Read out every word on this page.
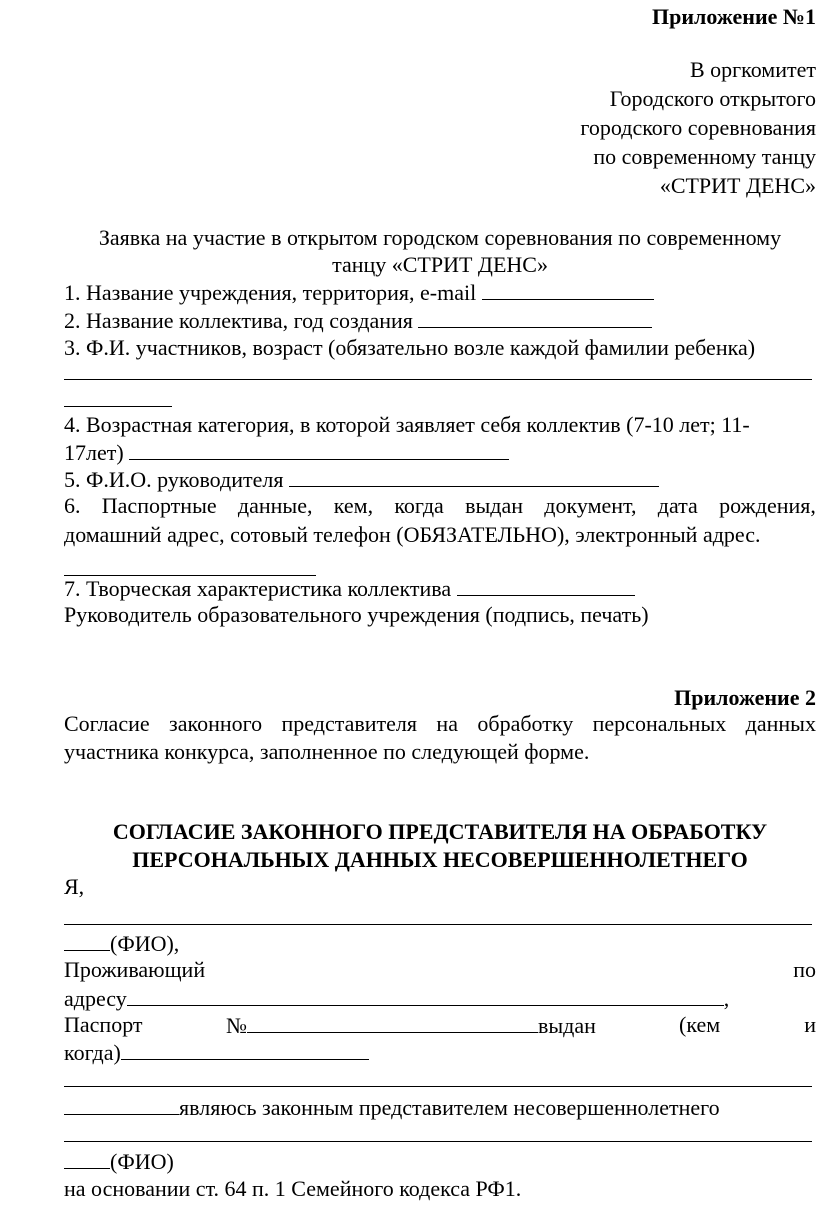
Приложение №1
В оргкомитет
Городского открытого
городского соревнования
по современному танцу
«СТРИТ ДЕНС»
Заявка на участие в открытом городском соревнования по современному
танцу «СТРИТ ДЕНС»
1. Название учреждения, территория, e-mail
2. Название коллектива, год создания
3. Ф.И. участников, возраст (обязательно возле каждой фамилии ребенка)
4. Возрастная категория, в которой заявляет себя коллектив (7-10 лет; 11-
17лет)
5. Ф.И.О. руководителя
6. Паспортные данные, кем, когда выдан документ, дата рождения,
домашний адрес, сотовый телефон (ОБЯЗАТЕЛЬНО), электронный адрес.
7. Творческая характеристика коллектива
Руководитель образовательного учреждения (подпись, печать)
Приложение 2
Согласие законного представителя на обработку персональных данных
участника конкурса, заполненное по следующей форме.
СОГЛАСИЕ ЗАКОННОГО ПРЕДСТАВИТЕЛЯ НА ОБРАБОТКУ
ПЕРСОНАЛЬНЫХ ДАННЫХ НЕСОВЕРШЕННОЛЕТНЕГО
Я,
(ФИО),
Проживающий	по
адресу	,
Паспорт	№	выдан	(кем	и
когда)
являюсь законным представителем несовершеннолетнего
(ФИО)
на основании ст. 64 п. 1 Семейного кодекса РФ1.
